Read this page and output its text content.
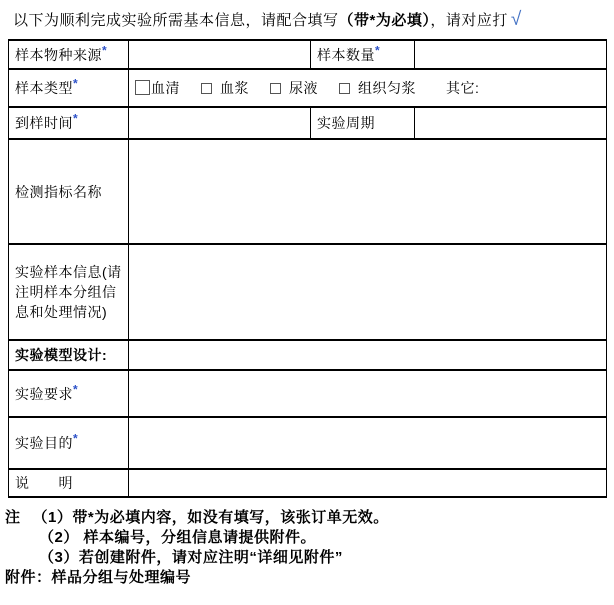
以下为顺利完成实验所需基本信息，请配合填写（带*为必填），请对应打 √

样本物种来源*		样本数量*	
样本类型*	血清 血浆 尿液 组织匀浆 其它:		

到样时间*		实验周期	
检测指标名称			
实验样本信息(请注明样本分组信息和处理情况)			
实验模型设计:			
实验要求*	
实验目的*	
说　　明			
注 （1）带*为必填内容，如没有填写，该张订单无效。
（2） 样本编号，分组信息请提供附件。
（3）若创建附件，请对应注明“详细见附件”
附件：样品分组与处理编号
